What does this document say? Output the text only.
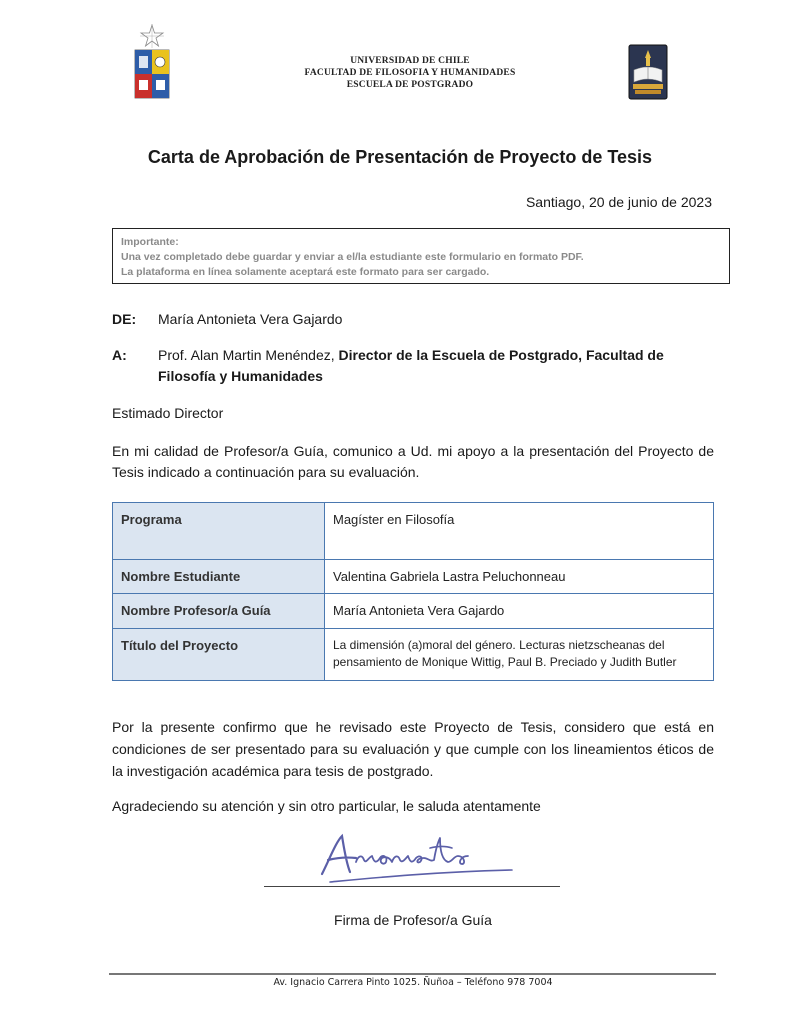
UNIVERSIDAD DE CHILE
FACULTAD DE FILOSOFIA Y HUMANIDADES
ESCUELA DE POSTGRADO
Carta de Aprobación de Presentación de Proyecto de Tesis
Santiago, 20 de junio de 2023
Importante:
Una vez completado debe guardar y enviar a el/la estudiante este formulario en formato PDF.
La plataforma en línea solamente aceptará este formato para ser cargado.
DE: María Antonieta Vera Gajardo
A: Prof. Alan Martin Menéndez, Director de la Escuela de Postgrado, Facultad de
Filosofía y Humanidades
Estimado Director
En mi calidad de Profesor/a Guía, comunico a Ud. mi apoyo a la presentación del Proyecto de Tesis indicado a continuación para su evaluación.
Programa	Magíster en Filosofía
Nombre Estudiante	Valentina Gabriela Lastra Peluchonneau
Nombre Profesor/a Guía	María Antonieta Vera Gajardo
Título del Proyecto	La dimensión (a)moral del género. Lecturas nietzscheanas del pensamiento de Monique Wittig, Paul B. Preciado y Judith Butler
Por la presente confirmo que he revisado este Proyecto de Tesis, considero que está en condiciones de ser presentado para su evaluación y que cumple con los lineamientos éticos de la investigación académica para tesis de postgrado.
Agradeciendo su atención y sin otro particular, le saluda atentamente
Firma de Profesor/a Guía
Av. Ignacio Carrera Pinto 1025. Ñuñoa – Teléfono 978 7004
